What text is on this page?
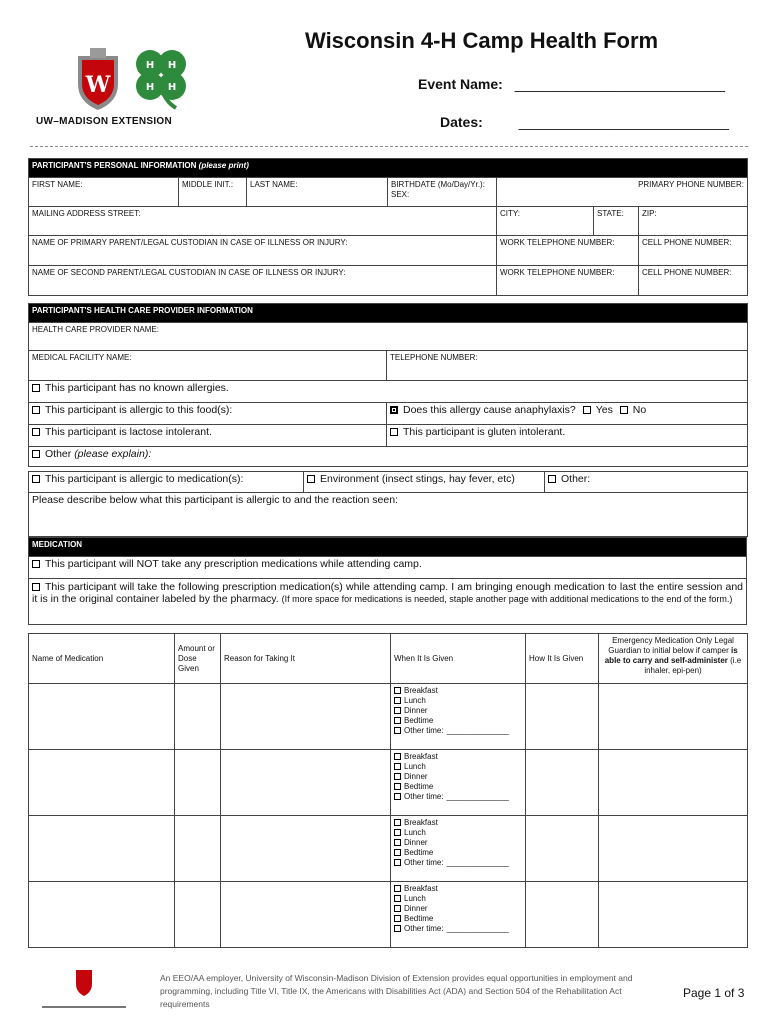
W
H H
H H
UW–MADISON EXTENSION
Wisconsin 4-H Camp Health Form
Event Name: ___________________________
Dates:	___________________________
PARTICIPANT'S PERSONAL INFORMATION (please print)						
FIRST NAME:	MIDDLE INIT.:	LAST NAME:	BIRTHDATE (Mo/Day/Yr.): SEX:	PRIMARY PHONE NUMBER:		
MAILING ADDRESS STREET:				CITY:	STATE:	ZIP:
NAME OF PRIMARY PARENT/LEGAL CUSTODIAN IN CASE OF ILLNESS OR INJURY:				WORK TELEPHONE NUMBER:		CELL PHONE NUMBER:
NAME OF SECOND PARENT/LEGAL CUSTODIAN IN CASE OF ILLNESS OR INJURY:				WORK TELEPHONE NUMBER:		CELL PHONE NUMBER:
PARTICIPANT'S HEALTH CARE PROVIDER INFORMATION	
HEALTH CARE PROVIDER NAME:	
MEDICAL FACILITY NAME:	TELEPHONE NUMBER:
This participant has no known allergies.	
This participant is allergic to this food(s):	Does this allergy cause anaphylaxis? Yes No
This participant is lactose intolerant.	This participant is gluten intolerant.
Other (please explain):	
This participant is allergic to medication(s):	Environment (insect stings, hay fever, etc)	Other:
Please describe below what this participant is allergic to and the reaction seen:
MEDICATION
This participant will NOT take any prescription medications while attending camp.
This participant will take the following prescription medication(s) while attending camp. I am bringing enough medication to last the entire session and it is in the original container labeled by the pharmacy. (If more space for medications is needed, staple another page with additional medications to the end of the form.)
Name of Medication	Amount or Dose Given	Reason for Taking It	When It Is Given	How It Is Given	Emergency Medication Only Legal Guardian to initial below if camper is able to carry and self-administer (i.e inhaler, epi-pen)

			Breakfast
Lunch
Dinner
Bedtime
Other time: ______________		

			Breakfast
Lunch
Dinner
Bedtime
Other time: ______________		

			Breakfast
Lunch
Dinner
Bedtime
Other time: ______________		

			Breakfast
Lunch
Dinner
Bedtime
Other time: ______________		

An EEO/AA employer, University of Wisconsin-Madison Division of Extension provides equal opportunities in employment and programming, including Title VI, Title IX, the Americans with Disabilities Act (ADA) and Section 504 of the Rehabilitation Act requirements
Page 1 of 3
